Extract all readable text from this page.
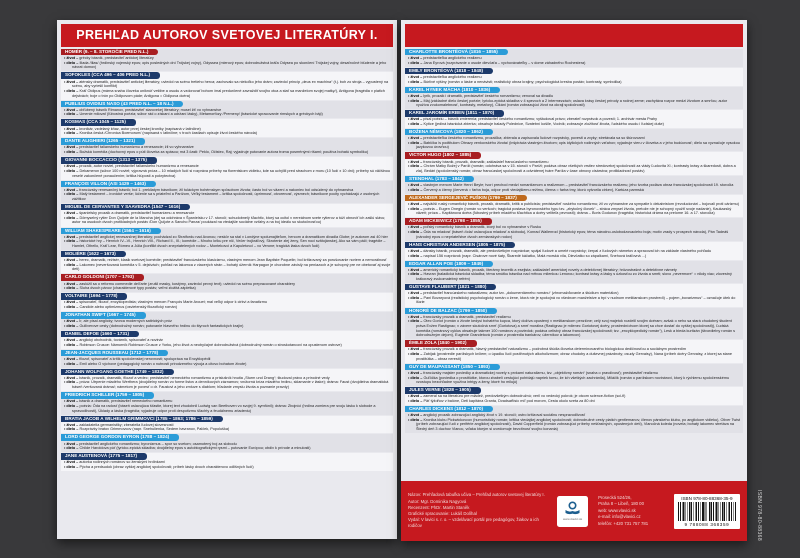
PREHĽAD AUTOROV SVETOVEJ LITERATÚRY I.
HOMÉR (9. – 8. STOROČIE PRED N.L.)
• život – grécky básnik, predstaviteľ antickej literatúry
• dielo – Iliada /Ilias/ (hrdinský vojenský epos; opis posledných dní Trójskej vojny), Odyssea (mierový epos; dobrodružstvá kráľa Odysea po skončení Trójskej vojny, desaťročné blúdenie a jeho návrat domov)
SOFOKLES (CCA 496 – 406 PRED N.L.)
• život – aténsky dramatik, predstaviteľ antickej literatúry; uviedol na scénu tretieho herca; zachovalo sa niekoľko jeho drám; zaviedol princíp „deus ex machina“ (t.j. boh zo stroja – vypustený na scénu, aby vyriešil konflikt)
• dielo – Kráľ Oidipus (márna snaha človeka uniknúť veštbe a osudu a vzdorovať bohom /mal predurčené zavraždiť svojho otca a stať sa manželom svojej matky/), Antigona (tragédia v piatich dejstvách; boje o trón po Oidipovom páde; Antigona = Oidipova dcéra)
PUBLIUS OVIDIUS NASO (43 PRED N.L. – 18 N.L.)
• život – obľúbený básnik Rimanov, predstaviteľ starovekej literatúry; musel žiť vo vyhnanstve
• dielo – Umenie milovať (ľúbostná poézia; súbor rád o získaní a udržaní lásky), Metamorfózy /Premeny/ (básnické spracovanie rímskych a gréckych bájí)
KOSMAS (CCA 1045 – 1125)
• život – kronikár, vzdelaný kňaz, autor prvej českej kroniky (napísaná v latinčine)
• dielo – Kronika česká /Chronica Boemorum/ (napísaná v latinčine; v troch častiach opisuje život českého národa)
DANTE ALIGHIERI (1265 – 1321)
• život – predstaviteľ talianskeho humanizmu a renesancie; žil vo vyhnanstve
• dielo – Božská komédia (duchovný epos o púti človeka za spásou; má 3 časti: Peklo, Očistec, Raj; vyjadruje putovanie autora troma posmrtnými ríšami; používa bohatú symboliku)
GIOVANNI BOCCACCIO (1313 – 1375)
• život – prozaik, autor noviel, predstaviteľ talianskeho humanizmu a renesancie
• dielo – Dekameron (súbor 100 noviel; výpravná próza – 10 mladých ľudí si rozpráva príbehy na florentskom vidieku, kde sa uchýlili pred strachom z moru (10 ľudí x 10 dní); príbehy sú väčšinou veselé zakončené ponaučením; kritika hlúposti a pokrytectva)
FRANÇOIS VILLON (ASI 1429 – 1463)
• život – francúzsky renesančný básnik; bol 1. prekliatym básnikom; žil tuláckym bohémskym spôsobom života; často bol vo väzení a nakoniec bol odsúdený do vyhnanstva
• dielo – Malý testament – ironické verše; lúčenie sa s priateľmi a Parížom, Veľký testament – kritika spoločnosti, úprimnosť, otvorenosť, výsmech; básnikove pocity vychádzajú z osobných zážitkov
MIGUEL DE CERVANTES Y SAAVEDRA (1547 – 1616)
• život – španielsky prozaik a dramatik, predstaviteľ humanizmu a renesancie
• dielo – Dômyselný rytier Don Quijote de la Mancha (dej sa odohráva v Španielsku v 17. storočí; schudobnelý šľachtic, ktorý sa ocitol v nereálnom svete rytierov a túži obnoviť ich zašlú slávu; autor na osudoch dvoch protikladných postáv /Don Quijote a Sancho Panza/ poukázal na vtedajšie sociálne vzťahy a na boj ideálu so skutočnosťou)
WILLIAM SHAKESPEARE (1564 – 1616)
• život – predstaviteľ anglickej renesančnej literatúry; pochádzal zo Stratfordu nad Avonou; neskôr sa stal v Londýne spolumajiteľom, hercom a dramatikom divadla Globe; je autorom asi 40 hier
• dielo – historické hry – Henrich IV.–VI., Henrich VIII., Richard II., III.; komédie – Mnoho kriku pre nič, Večer trojkráľový, Skrotenie zlej ženy, Sen noci svätojánskej, Ako sa vám páči; tragédie – Hamlet, Othello, Kráľ Lear, Rómeo a Júlia (konflikt dvoch znepriatelených rodov – Montekovci a Kapuletovci – vo Verone; tragická láska dvoch ľudí)
MOLIÈRE (1622 – 1673)
• život – herec, dramatik, režisér, klasik svetovej komédie; predstaviteľ francúzskeho klasicizmu, vlastným menom Jean Baptiste Poquelin; bol kritizovaný za porušovanie noriem a nemorálnosť
• dielo – Lakomec (neveršovaná komédia v 5. dejstvách; pohľad na lakomca z viacerých strán – bohatý úžerník Harpagon je chorobne závislý na peniazoch a je schopný pre ne obetovať aj svoje deti)
CARLO GOLDONI (1707 – 1793)
• život – zaslúžil sa o reformu commedie dell’arte (zrušil masky, kostýmy, zaviedol pevný text); uviedol na scénu prepracované charaktery
• dielo – Sluha dvoch pánov (charakterové typy postáv; veľmi zložitá zápletka)
VOLTAIRE (1694 – 1778)
• život – spisovateľ, filozof, encyklopedista; vlastným menom François Marie Arouet; mal veľký odpor k cirkvi a fanatizmu
• dielo – Candide alebo optimizmus (osvietenský filozofický román)
JONATHAN SWIFT (1667 – 1745)
• život – Ír, ale písal anglicky; tvorca moderných satirických próz
• dielo – Gulliverove cesty (dobrodružný román; putovanie hlavného hrdinu do štyroch fantastických krajín)
DANIEL DEFOE (1660 – 1731)
• život – anglický obchodník, továrnik, spisovateľ a novinár
• dielo – Robinson Crusoe: Námorník Robinson Crusoe z Yorku, jeho život a neobyčajné dobrodružstvá (dobrodružný román o stroskotancovi na opustenom ostrove)
JEAN-JACQUES ROUSSEAU (1712 – 1778)
• život – filozof, spisovateľ a kritik spoločenskej nerovnosti; spolupráca na Encyklopédii
• dielo – Emil alebo O výchove (pedagogický román o nutnosti prirodzeného vývoja a citovo bohatom živote)
JOHANN WOLFGANG GOETHE (1749 – 1832)
• život – básnik, prozaik, dramatik, filozof a vedec; predstaviteľ nemeckého romantizmu a príslušník hnutia „Sturm und Drang“; študoval právo a prírodné vedy
• dielo – próza: Utrpenie mladého Werthera (dvojdielny román vo forme listov a denníkových záznamov; vnútorná kríza mladého hrdinu, sklamanie v láske); dráma: Faust (dvojdielna dramatická báseň /veršovaná dráma/; námetom je povesť o dr. Faustovi a jeho zmluve s diablom; hľadanie zmyslu života a poznanie pravdy)
FRIEDRICH SCHILLER (1759 – 1805)
• život – básnik a dramatik, predstaviteľ nemeckého romantizmu
• dielo – poézia: Óda na radosť (báseň oslavujúca šťastie, ktorej text zhudobnil Ludwig van Beethoven vo svojej 9. symfónii); dráma: Zbojníci (hrdina zomiera pre svoju lásku k slobode a spravodlivosti), Úklady a láska (tragédia; vyjadruje odpor proti despotizmu šľachty a feudálnemu zriadeniu)
BRATIA JACOB A WILHELM GRIMMOVCI (1785 – 1863; 1786 – 1859)
• život – zakladatelia germanistiky; zberatelia ľudovej slovesnosti
• dielo – Rozprávky bratov Grimmovcov (napr. Snehulienka, Sedem havranov, Palček, Popoluška)
LORD GEORGE GORDON BYRON (1788 – 1824)
• život – predstaviteľ anglického romantizmu; byronizmus – spor so svetom; osamotený boj za slobodu
• dielo – Childe Haroldova púť (lyricko-epická skladba; dvojdielny epos s autobiografickými rysmi – putovanie Európou; obdiv k prírode a minulosti)
JANE AUSTENOVÁ (1775 – 1817)
• život – autorka rodinných románov so ženskými hrdinkami
• dielo – Pýcha a predsudok (obraz vyššej anglickej spoločnosti; príbeh lásky dvoch charakterovo odlišných ľudí)
CHARLOTTE BRONTËOVÁ (1816 – 1855)
• život – predstaviteľka anglického realizmu
• dielo – Jana Eyrová (rozprávanie o osude dievčaťa – vychovávateľky – v dome záhadného Rochestera)
EMILY BRONTËOVÁ (1818 – 1848)
• život – predstaviteľka anglického realizmu
• dielo – Búrlivé výšiny (román o láske a nenávisti; realistický obraz krajiny; psychologická kresba postáv; kontrasty, symbolika)
KAREL HYNEK MÁCHA (1810 – 1836)
• život – lyrik, prozaik i dramatik, predstaviteľ českého romantizmu; venoval sa divadlu
• dielo – Máj (základné dielo českej poézie; lyricko-epická skladba v 4 spevoch a 2 intermezzách; oslava krásy českej prírody a rodnej zeme; zachytáva rozpor medzi životom a smrťou; autor využíva zvukomalebnosť, kontrasty, metafory), Cikáni (román zobrazujúci život na okraji spoločnosti)
KAREL JAROMÍR ERBEN (1811 – 1870)
• život – písal poéziu – básnik zmierenia; predstaviteľ českého romantizmu; vyštudoval právo; zberateľ rozprávok a povestí; 1. archivár mesta Prahy
• dielo – Kytice (jediná básnická zbierka; obsahuje balady Polednice, Svatební košile, Vodník; zobrazuje zložitosť života, ľudského osudu i ľudskej duše)
BOŽENA NĚMCOVÁ (1820 – 1862)
• život – predstaviteľka českého romantizmu, prozaička; zbierala a zapisovala ľudové rozprávky, povesti a zvyky; stretávala sa so štúrovcami
• dielo – Babička /s podtitulom Obrazy venkovského života/ (inšpirácia vlastným životom; opis idylických rodinných vzťahov; vyjadruje vieru v človeka a v jeho budúcnosť; dielo sa vyznačuje vysokou jazykovou úrovňou)
VICTOR HUGO (1802 – 1885)
• život – francúzsky básnik, prozaik, dramatik; zakladateľ francúzskeho romantizmu
• dielo – Chrám Matky Božej v Paríži (román; odohráva sa v 15. storočí v Paríži; podáva obraz všetkých vrstiev stredovekej spoločnosti za vlády Ľudovíta XI.; kontrasty krásy a škaredosti, dobra a zla), Bedári (spoločenský román; obraz francúzskej spoločnosti a odvrátenej tváre Paríža v čase obnovy cisárstva; protikladnosť postáv)
STENDHAL (1783 – 1842)
• život – vlastným menom Marie Henri Beyle; tvorí prechod medzi romantizmom a realizmom – predstaviteľ francúzskeho realizmu; jeho tvorba podáva obraz francúzskej spoločnosti 19. storočia
• dielo – Červený a čierny (červená = farba boja, odpor proti vtedajšiemu režimu, čierna = farba tmy, ktorú vytvorila cirkev), Kartúza parmská
ALEXANDER SERGEJEVIČ PUŠKIN (1799 – 1837)
• život – najväčší ruský romantický básnik, prozaik, dramatik, kritik a publicista; predstaviteľ ruského romantizmu; žil vo vyhnanstve za sympatie k dekabristom (revolucionári – bojovali proti cárizmu)
• dielo – poézia – Eugen Onegin (román vo veršoch; tragická postava byronovského typu tzv. „zbytočný človek“ – stráca zmysel života, pretože nie je schopný využiť svoje nadanie), Kaukazský väzeň; próza – Kapitánova dcéra (ľúbostný príbeh mladého šľachtica a dcéry veliteľa pevnosti); dráma – Boris Godunov (tragédia; historická dráma na prelome 16. a 17. storočia)
ADAM MICKIEWICZ (1798 – 1855)
• život – poľský romantický básnik a dramatik, ktorý bol vo vyhnanstve v Rusku
• dielo – Óda na mladosť (báseň /óda/ oslavujúca mladosť a slobodu), Konrad Wallenrod (historický epos; téma národno-oslobodzovacieho boja; motív zrady v prospech národa), Pán Tadeáš (národný epos o nepriateľstve dvoch zemianskych rodov)
HANS CHRISTIAN ANDERSEN (1805 – 1875)
• život – dánsky básnik, prozaik, dramatik, ale predovšetkým rozprávkar; spájal ľudové a umelé rozprávky; čerpal z ľudových námetov a spracoval ich na základe vlastného pohľadu
• dielo – napísal 156 rozprávok (napr. Cisárove nové šaty, Škaredé káčatko, Malá morská víla, Dievčatko so zápalkami, Snehová kráľovná ...)
EDGAR ALLAN POE (1809 – 1849)
• život – americký romantický básnik, prozaik, literárny teoretik a esejista; zakladateľ americkej novely a detektívnej literatúry; hrôzostrašné a detektívne námety
• dielo – Havran (baladická básnická skladba; téma smútku básnika nad mŕtvou milenkou Lenorou; kontrast krásy a lásky s úzkosťou zo života a smrti; slovo „nevermore“ = nikdy viac; zlovestný krákoravý zvukomalebný refrén)
GUSTAVE FLAUBERT (1821 – 1880)
• život – predstaviteľ francúzskeho naturalizmu; autor tzv. „dokumentárneho románu“ (zhromažďovanie a štúdium materiálov)
• dielo – Pani Bovaryová (realistický psychologický román o žene, ktorá nie je spokojná vo všednom manželstve a trpí v nudnom meštianskom prostredí) – pojem „bovarizmus“ – označuje útek do ilúzie
HONORÉ DE BALZAC (1799 – 1850)
• život – francúzsky prozaik a dramatik, predstaviteľ realizmu
• dielo – Otec Goriot (román o živote kedysi bohatého kupca, ktorý dožíva opustený v meštianskom penzióne; celý svoj majetok rozdelil svojim dcéram; avšak o neho sa stará chudobný študent práva Evžen Rastignac; v závere skutočná smrť (Goriotova) a smrť morálna (Rastignac je milenec Goriotovej dcéry, prostredníctvom ktorej sa chce dostať do vyššej spoločnosti)), Ľudská komédia (románový cyklus obsahuje takmer 100 románov a poviedok; podáva celistvý obraz francúzskej spoločnosti; tzv. „encyklopedický román“), Lesk a bieda kurtizán (štvordielny román s dobrodružným dejom), Eugénie Grandetová (román z prostredia bankárov, úžerníkov a lakomcov)
ÉMILE ZOLA (1840 – 1902)
• život – francúzsky prozaik a dramatik, hlavný predstaviteľ naturalizmu – podrobná štúdia človeka determinovaného biologickou dedičnosťou a sociálnym prostredím
• dielo – Zabijak (prostredie parížskych krčiem; o úpadku ľudí postihnutých alkoholizmom; obraz chudoby a duševnej prázdnoty; osudy Gervaisy), Nana (príbeh dcéry Gervaisy, z ktorej sa stane prostitútka – obraz nerestí)
GUY DE MAUPASSANT (1850 – 1893)
• život – francúzsky majster poviedky a dramatickej novely s prvkami naturalizmu, tzv. „objektívny román“ (snaha o pravdivosť); predstaviteľ realizmu
• dielo – Guľôčka (poviedka o prostitútke, ktorou zbabelí cestujúci pohŕdajú napriek tomu, že ich všetkých zachránila), Miláčik (román o parížskom novinárovi, ktorý k rýchlemu spoločenskému vzostupu bezohľadne využíva intrigy a ženy, ktoré ho milujú)
JULES VERNE (1828 – 1905)
• život – zameral sa na literatúru pre mládež, predovšetkým dobrodružnú; veril vo vedecký pokrok; je otcom science-fiction (sci-fi)
• dielo – Päť týždňov v balóne, Deti kapitána Granta, Dvadsaťtisíc míľ pod morom, Cesta okolo sveta za 80 dní
CHARLES DICKENS (1812 – 1870)
• život – anglický prozaik zobrazujúci anglický život v 19. storočí; ostro kritizoval sociálnu nespravodlivosť
• dielo – Kronika klubu Pickwickovcov (humoristický román; kritika vtedajšej anglickej spoločnosti; dobrodružné cesty piatich gentlemanov, členov pánskeho klubu, po anglickom vidieku), Oliver Twist (príbeh zobrazujúci ľudí z periférie anglickej spoločnosti), David Copperfield (román zobrazujúci príbehy nešťastných, opustených detí), Vianočná koleda (novela; bohatý lakomec stretáva na Štedrý deň 3 duchov Vianoc, vďaka ktorým si uvedomuje bezcitnosť svojho konania)
Názov: Prehľadová tabuľka učiva – Prehľad autorov svetovej literatúry I.
Autor: Mgr. Dominika Nagyová
Recenzent: PhDr. Martin Staněk
Grafické spracovanie: Lukáš Dolíhal
Vydal: V lavici s. r. o. – vzdelávací portál pre pedagógov, žiakov a ich rodičov
www.vlavici.sk
Prosecká 524/26,
Praha 8 – Libeň, 180 00
web: www.vlavici.sk
e-mail: info@vlavici.cz
telefón: +420 731 757 781
ISBN 978-80-88368-35-9
9 788088 368359	ISBN 978-80-88368
